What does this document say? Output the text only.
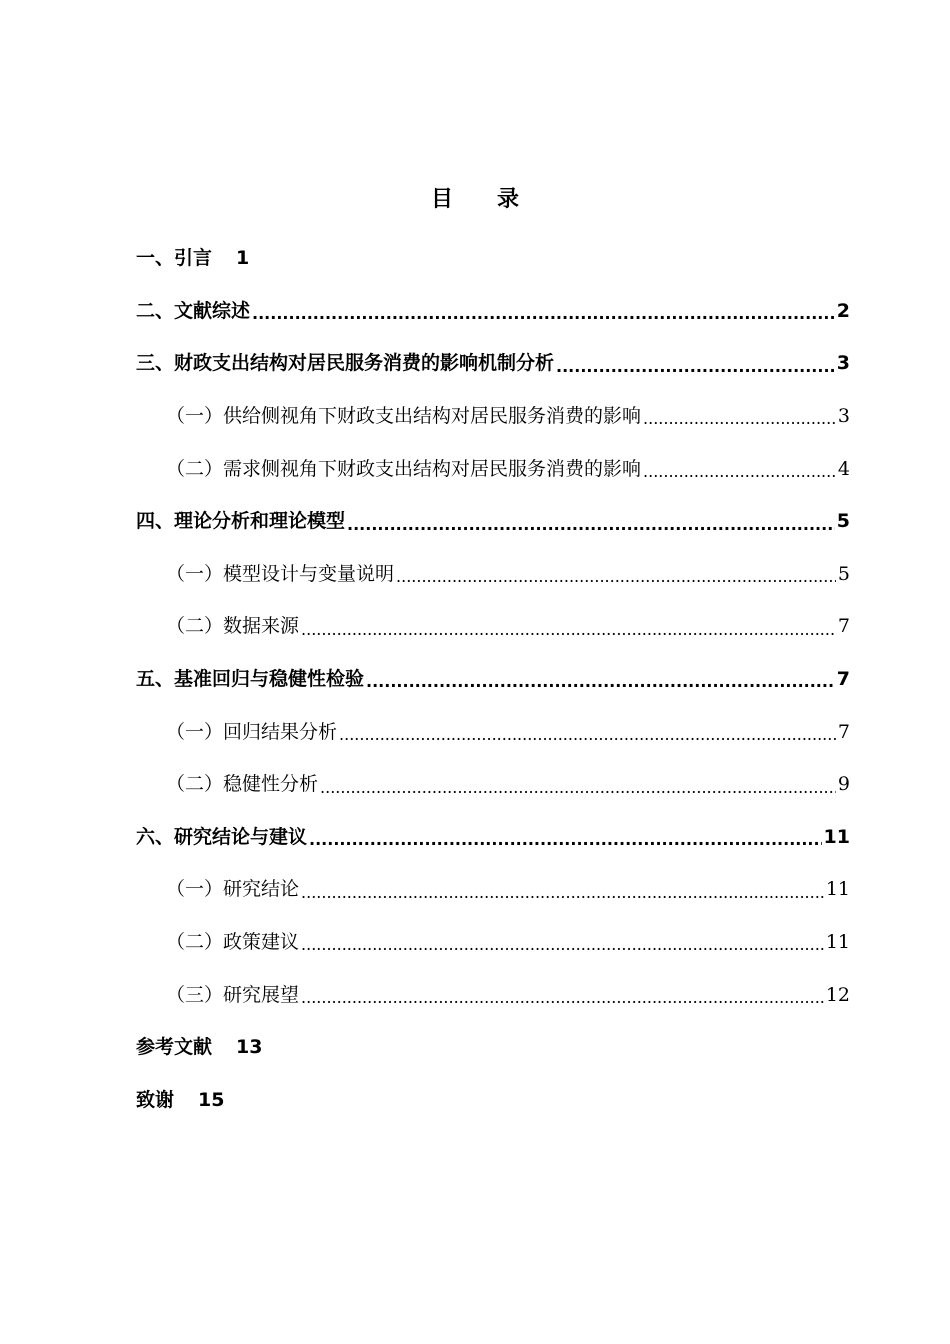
目 录
一、引言 1
二、文献综述 .....	2
三、财政支出结构对居民服务消费的影响机制分析 .....	3
（一）供给侧视角下财政支出结构对居民服务消费的影响 .....	3
（二）需求侧视角下财政支出结构对居民服务消费的影响 .....	4
四、理论分析和理论模型 .....	5
（一）模型设计与变量说明 .....	5
（二）数据来源 .....	7
五、基准回归与稳健性检验 .....	7
（一）回归结果分析 .....	7
（二）稳健性分析 .....	9
六、研究结论与建议 .....	11
（一）研究结论 .....	11
（二）政策建议 .....	11
（三）研究展望 .....	12
参考文献 13
致谢 15
